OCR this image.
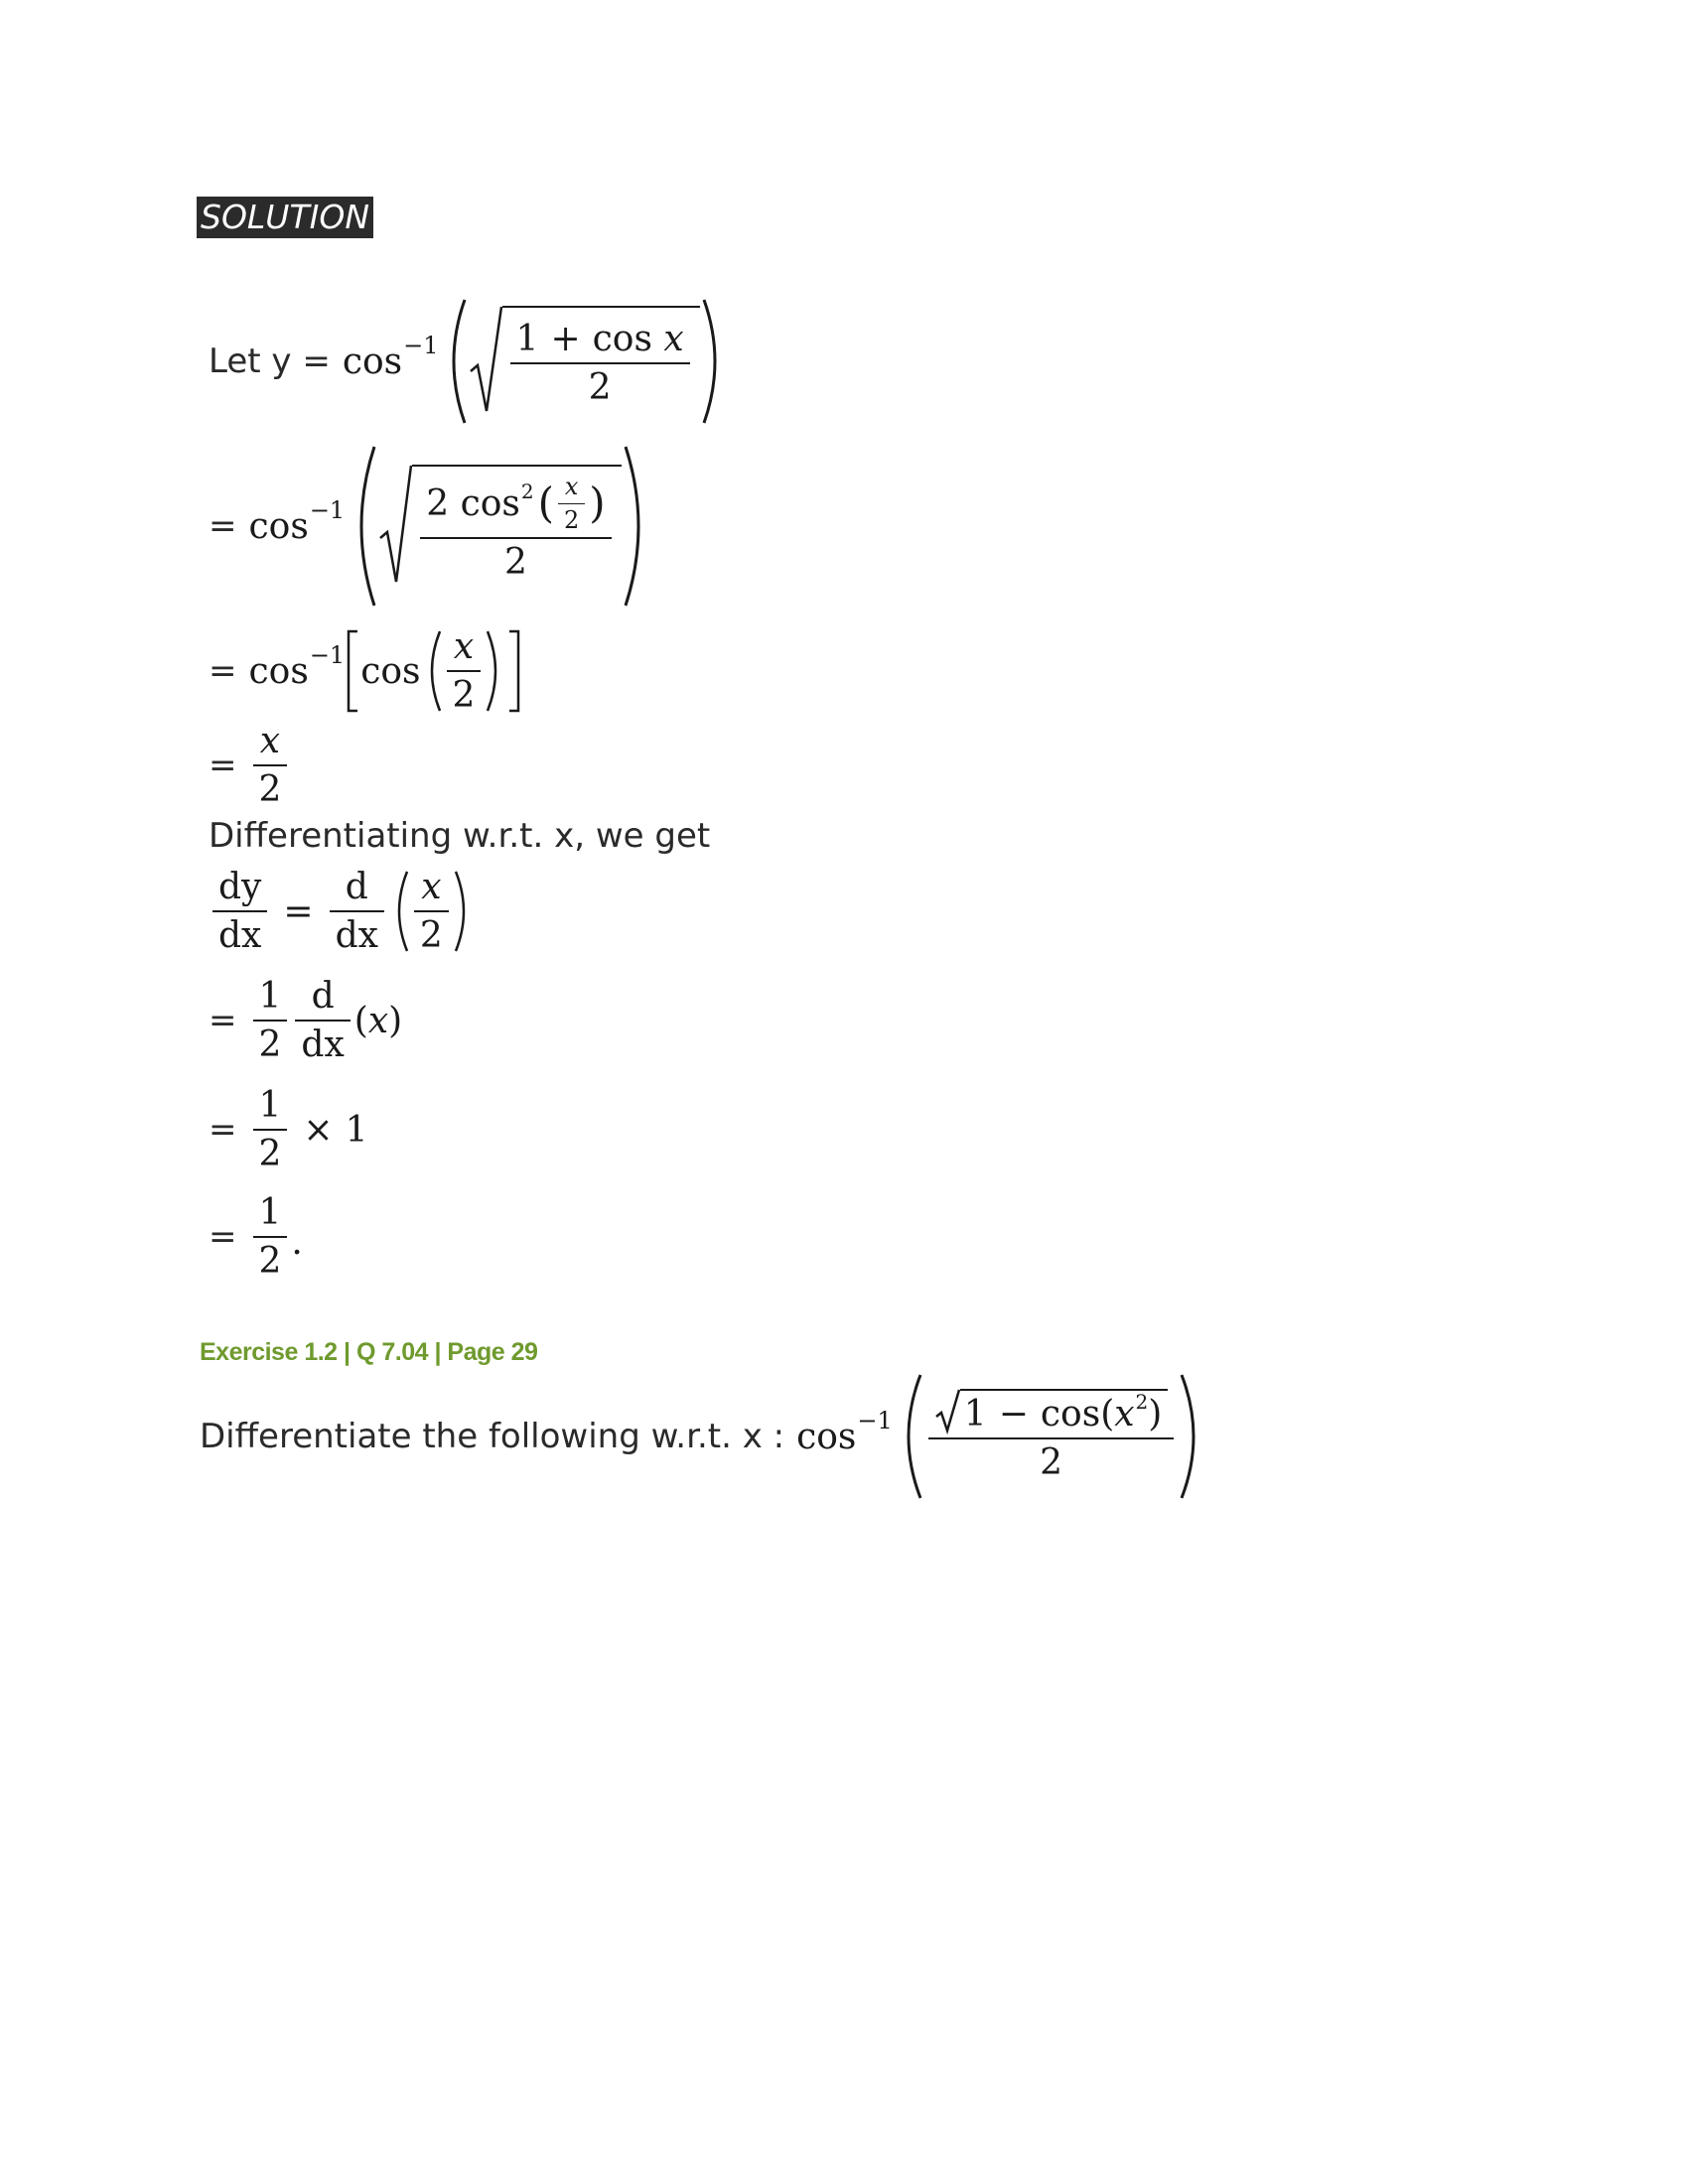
SOLUTION
Let $y = \cos -1 \frac{\text{1 + cos x}}{2}$
= cos −1 2
cos 2 ( $\frac{x}{2}$ )
2
= cos −1 $\cos \frac{x}{2}$
= $\frac{x}{2}$
Differentiating w.r.t. x, we get
$\frac{dy}{dx} = \frac{d}{dx} \frac{x}{2}$
= $\frac{1}{2} \frac{d}{dx} (x)$
= $\frac{1}{2} \times 1$
= $\frac{1}{2}$ .
Exercise 1.2 | Q 7.04 | Page 29
Differentiate the following w.r.t. x : $\cos -1 \frac{1 - \cos ( x 2 )}{2}$
